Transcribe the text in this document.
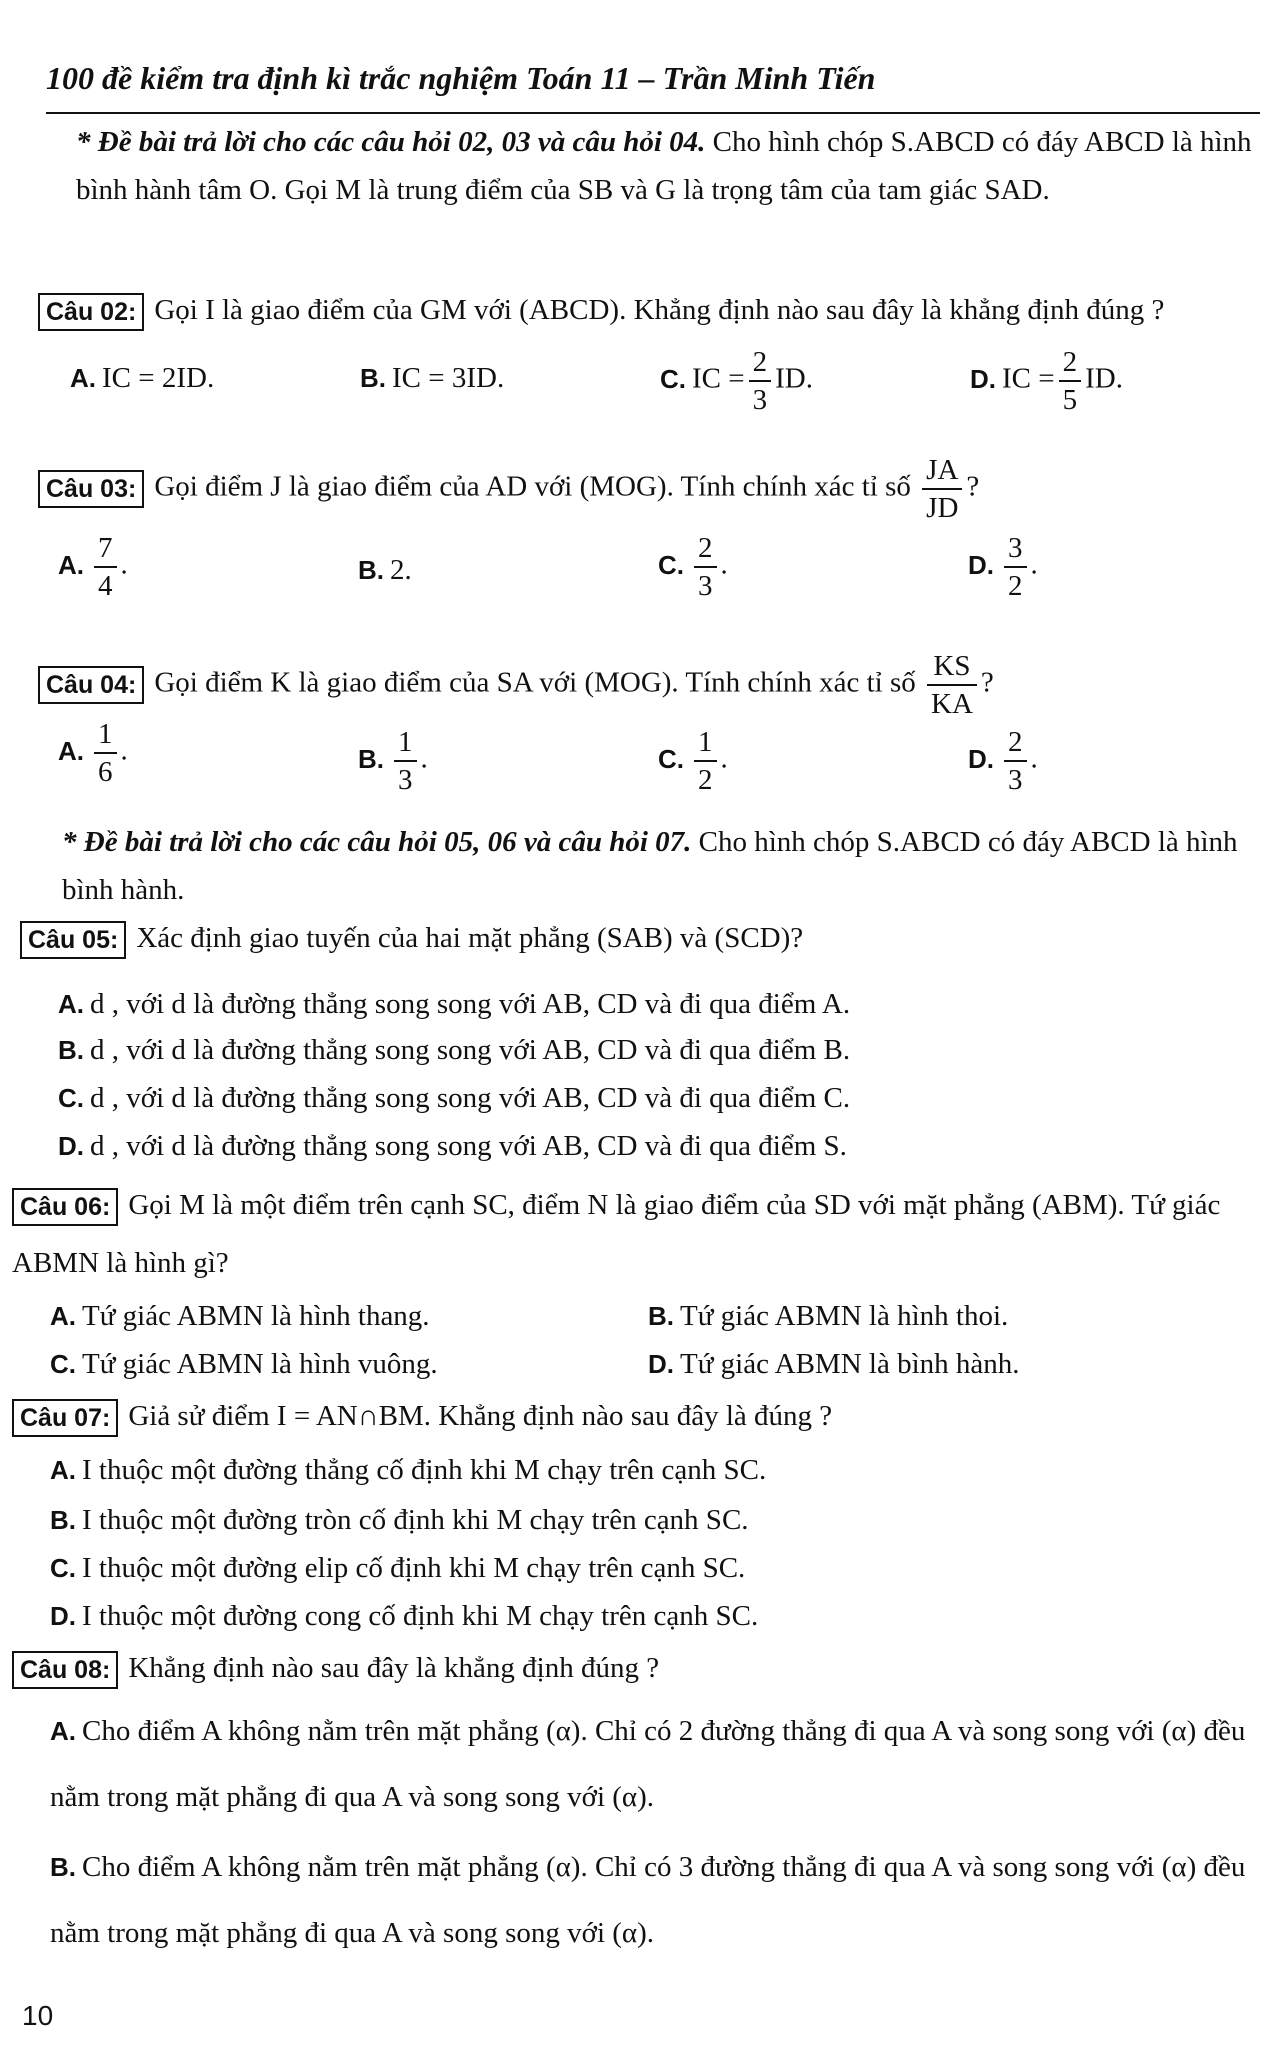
100 đề kiểm tra định kì trắc nghiệm Toán 11 – Trần Minh Tiến
* Đề bài trả lời cho các câu hỏi 02, 03 và câu hỏi 04. Cho hình chóp S.ABCD có đáy ABCD là hình bình hành tâm O. Gọi M là trung điểm của SB và G là trọng tâm của tam giác SAD.
Câu 02: Gọi I là giao điểm của GM với (ABCD). Khẳng định nào sau đây là khẳng định đúng ?
A. IC = 2ID.	B. IC = 3ID.	C. IC = $\frac{2}{3}$ ID.	D. IC = $\frac{2}{5}$ ID.
Câu 03: Gọi điểm J là giao điểm của AD với (MOG). Tính chính xác tỉ số $\frac{JA}{JD}$ ?
A. $\frac{7}{4}$ .	B. 2.	C. $\frac{2}{3}$ .	D. $\frac{3}{2}$ .
Câu 04: Gọi điểm K là giao điểm của SA với (MOG). Tính chính xác tỉ số $\frac{KS}{KA}$ ?
A. $\frac{1}{6}$ .	B. $\frac{1}{3}$ .	C. $\frac{1}{2}$ .	D. $\frac{2}{3}$ .
* Đề bài trả lời cho các câu hỏi 05, 06 và câu hỏi 07. Cho hình chóp S.ABCD có đáy ABCD là hình bình hành.
Câu 05: Xác định giao tuyến của hai mặt phẳng (SAB) và (SCD)?
A. d , với d là đường thẳng song song với AB, CD và đi qua điểm A.
B. d , với d là đường thẳng song song với AB, CD và đi qua điểm B.
C. d , với d là đường thẳng song song với AB, CD và đi qua điểm C.
D. d , với d là đường thẳng song song với AB, CD và đi qua điểm S.
Câu 06: Gọi M là một điểm trên cạnh SC, điểm N là giao điểm của SD với mặt phẳng (ABM). Tứ giác ABMN là hình gì?
A. Tứ giác ABMN là hình thang.	B. Tứ giác ABMN là hình thoi.
C. Tứ giác ABMN là hình vuông.	D. Tứ giác ABMN là bình hành.
Câu 07: Giả sử điểm I = AN∩BM. Khẳng định nào sau đây là đúng ?
A. I thuộc một đường thẳng cố định khi M chạy trên cạnh SC.
B. I thuộc một đường tròn cố định khi M chạy trên cạnh SC.
C. I thuộc một đường elip cố định khi M chạy trên cạnh SC.
D. I thuộc một đường cong cố định khi M chạy trên cạnh SC.
Câu 08: Khẳng định nào sau đây là khẳng định đúng ?
A. Cho điểm A không nằm trên mặt phẳng (α). Chỉ có 2 đường thẳng đi qua A và song song với (α) đều nằm trong mặt phẳng đi qua A và song song với (α).
B. Cho điểm A không nằm trên mặt phẳng (α). Chỉ có 3 đường thẳng đi qua A và song song với (α) đều nằm trong mặt phẳng đi qua A và song song với (α).
10
